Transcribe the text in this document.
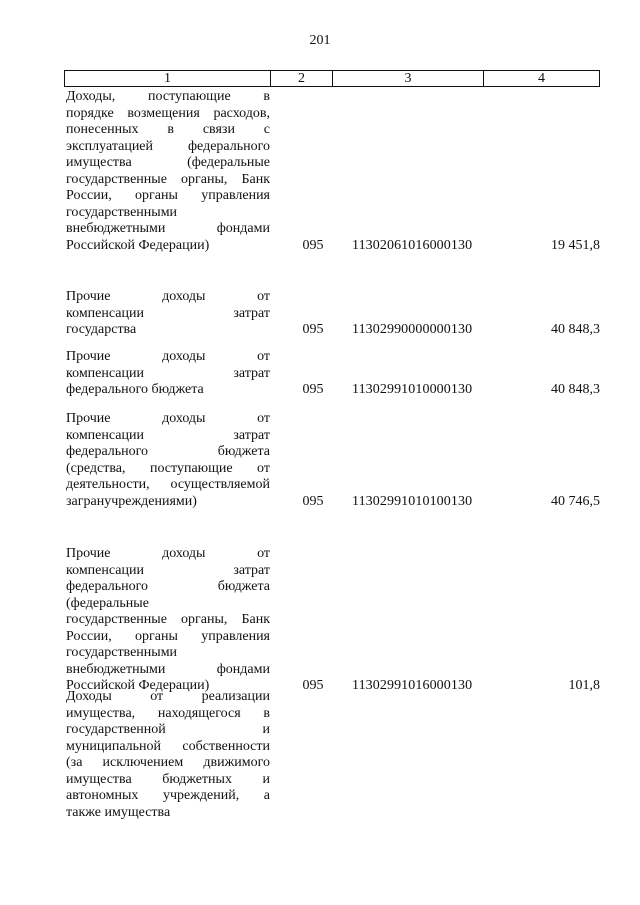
201
1	2	3	4
Доходы, поступающие в
порядке возмещения расходов,
понесенных в связи с
эксплуатацией федерального
имущества (федеральные
государственные органы, Банк
России, органы управления
государственными
внебюджетными фондами
Российской Федерации)	095	11302061016000130	19 451,8
Прочие доходы от
компенсации затрат
государства	095	11302990000000130	40 848,3
Прочие доходы от
компенсации затрат
федерального бюджета	095	11302991010000130	40 848,3
Прочие доходы от
компенсации затрат
федерального бюджета
(средства, поступающие от
деятельности, осуществляемой
загранучреждениями)	095	11302991010100130	40 746,5
Прочие доходы от
компенсации затрат
федерального бюджета
(федеральные
государственные органы, Банк
России, органы управления
государственными
внебюджетными фондами
Российской Федерации)	095	11302991016000130	101,8
Доходы от реализации
имущества, находящегося в
государственной и
муниципальной собственности
(за исключением движимого
имущества бюджетных и
автономных учреждений, а
также имущества
